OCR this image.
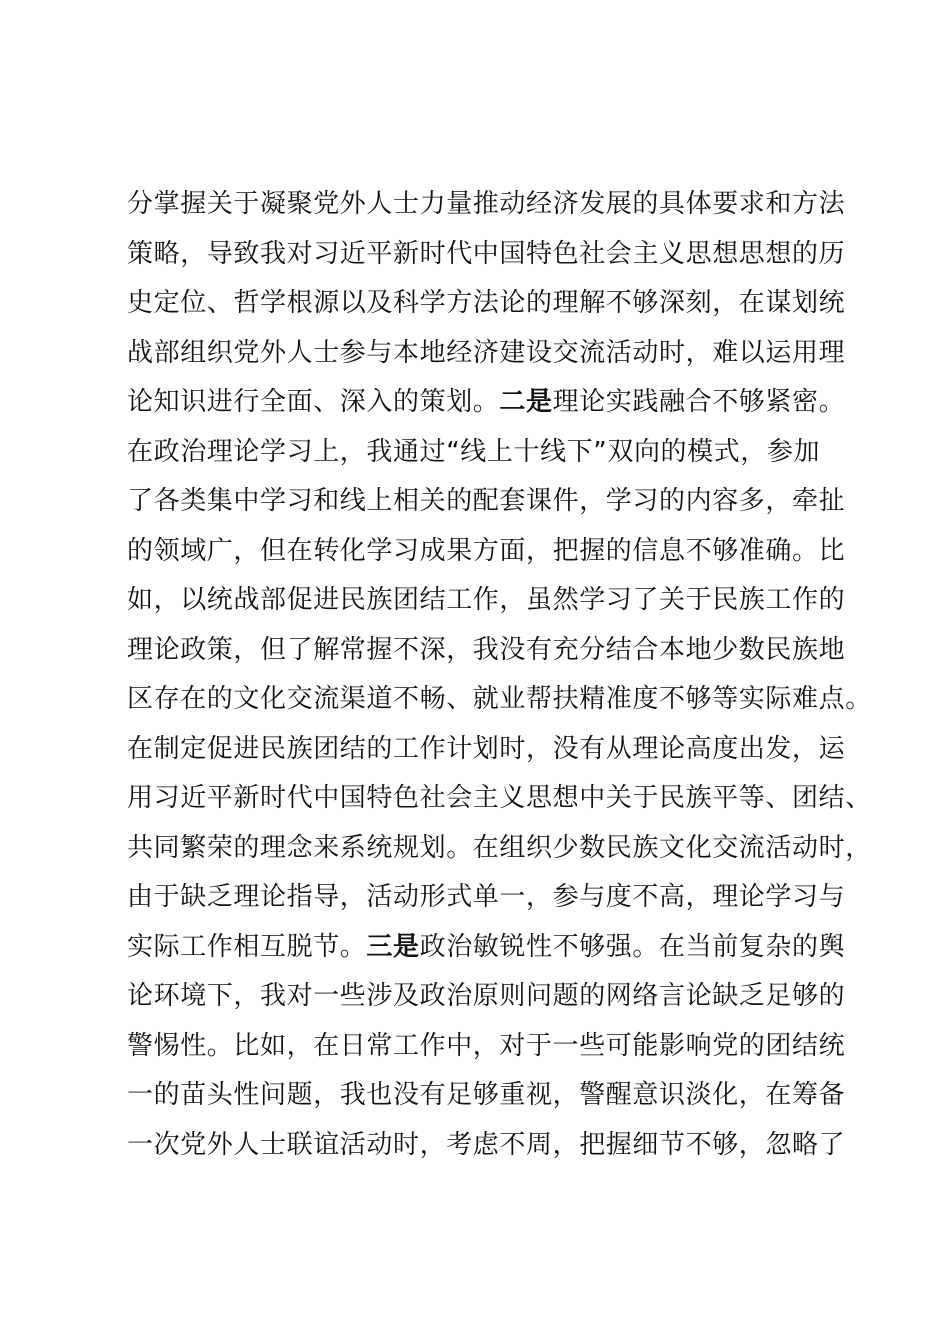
分掌握关于凝聚党外人士力量推动经济发展的具体要求和方法
策略，导致我对习近平新时代中国特色社会主义思想思想的历
史定位、哲学根源以及科学方法论的理解不够深刻，在谋划统
战部组织党外人士参与本地经济建设交流活动时，难以运用理
论知识进行全面、深入的策划。二是理论实践融合不够紧密。
在政治理论学习上，我通过“线上十线下”双向的模式，参加
了各类集中学习和线上相关的配套课件，学习的内容多，牵扯
的领域广，但在转化学习成果方面，把握的信息不够准确。比
如，以统战部促进民族团结工作，虽然学习了关于民族工作的
理论政策，但了解常握不深，我没有充分结合本地少数民族地
区存在的文化交流渠道不畅、就业帮扶精准度不够等实际难点。
在制定促进民族团结的工作计划时，没有从理论高度出发，运
用习近平新时代中国特色社会主义思想中关于民族平等、团结、
共同繁荣的理念来系统规划。在组织少数民族文化交流活动时，
由于缺乏理论指导，活动形式单一，参与度不高，理论学习与
实际工作相互脱节。三是政治敏锐性不够强。在当前复杂的舆
论环境下，我对一些涉及政治原则问题的网络言论缺乏足够的
警惕性。比如，在日常工作中，对于一些可能影响党的团结统
一的苗头性问题，我也没有足够重视，警醒意识淡化，在筹备
一次党外人士联谊活动时，考虑不周，把握细节不够，忽略了
